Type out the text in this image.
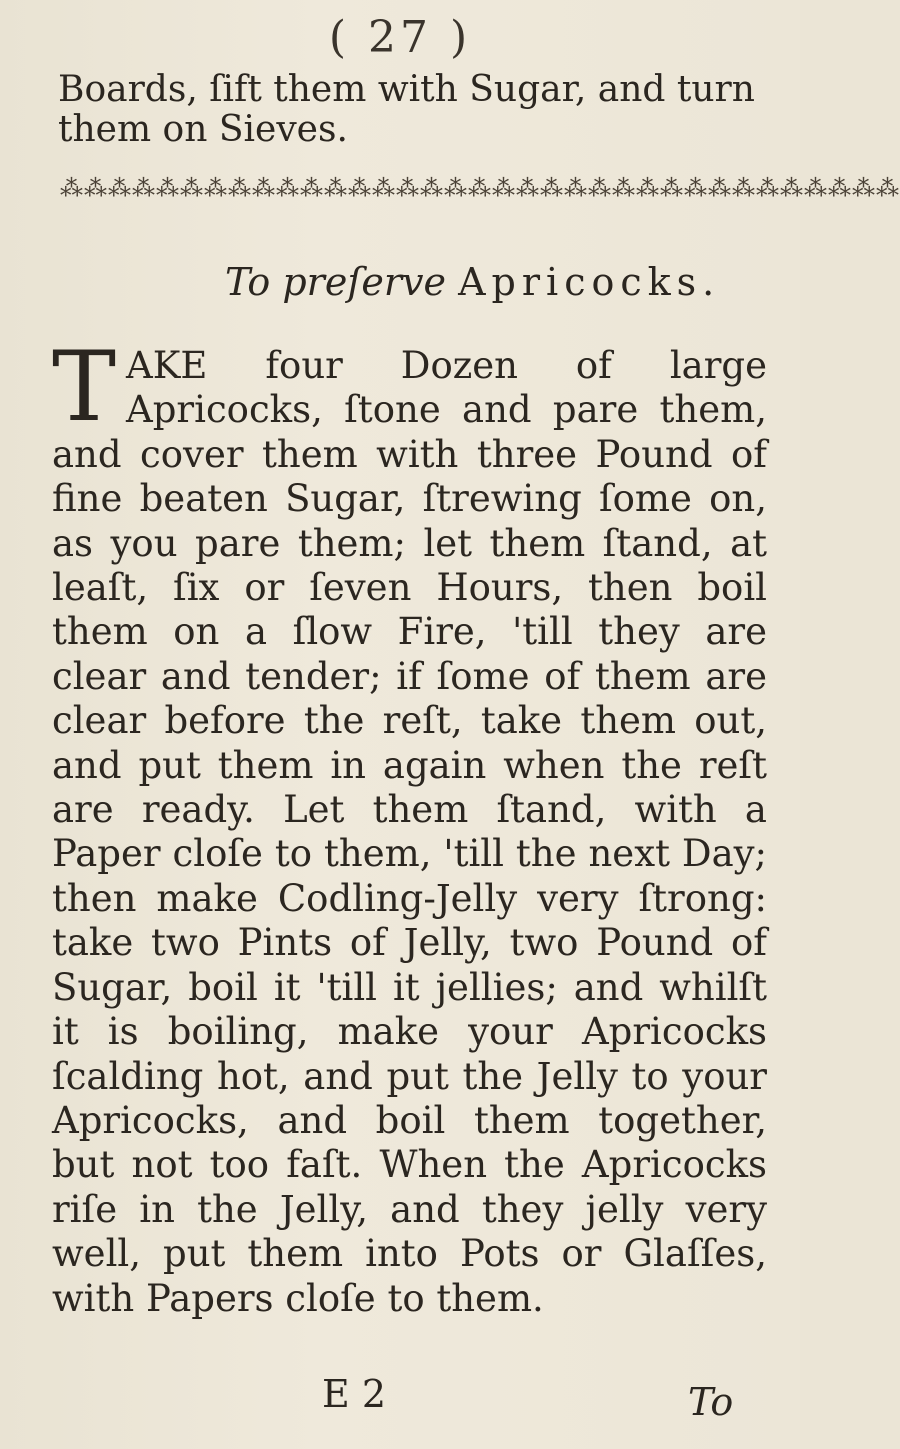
( 27 )
Boards, ſift them with Sugar, and turn them on Sieves.
⁂⁂⁂⁂⁂⁂⁂⁂⁂⁂⁂⁂⁂⁂⁂⁂⁂⁂⁂⁂⁂⁂⁂⁂⁂⁂⁂⁂⁂⁂⁂⁂⁂⁂⁂
To preſerve Apricocks.
T AKE four Dozen of large Apricocks, ſtone and pare them, and cover them with three Pound of fine beaten Sugar, ſtrewing ſome on, as you pare them; let them ſtand, at leaſt, ſix or ſeven Hours, then boil them on a ſlow Fire, 'till they are clear and tender; if ſome of them are clear before the reſt, take them out, and put them in again when the reſt are ready. Let them ſtand, with a Paper cloſe to them, 'till the next Day; then make Codling-Jelly very ſtrong: take two Pints of Jelly, two Pound of Sugar, boil it 'till it jellies; and whilſt it is boiling, make your Apricocks ſcalding hot, and put the Jelly to your Apricocks, and boil them together, but not too faſt. When the Apricocks riſe in the Jelly, and they jelly very well, put them into Pots or Glaſſes, with Papers cloſe to them.
E 2	To
